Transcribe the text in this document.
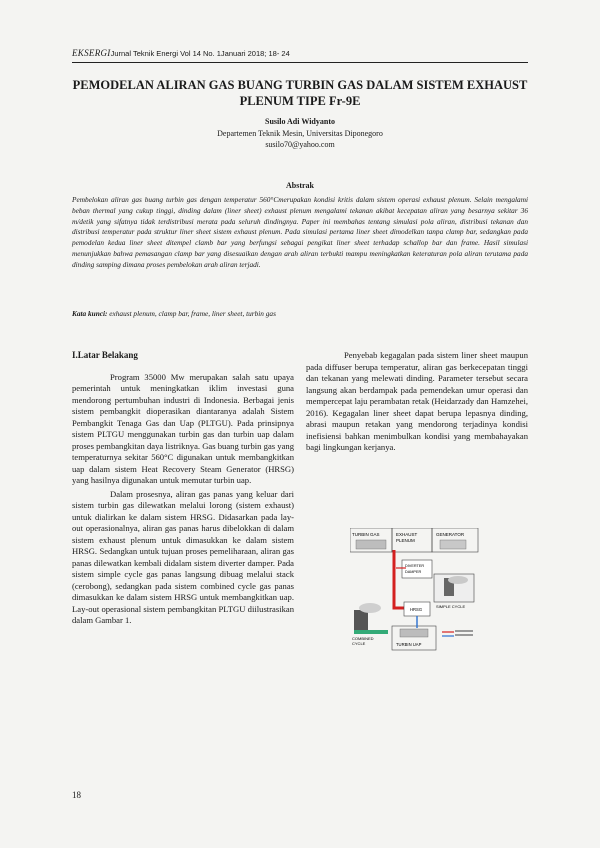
EKSERGIJurnal Teknik Energi Vol 14 No. 1Januari 2018; 18- 24
PEMODELAN ALIRAN GAS BUANG TURBIN GAS DALAM SISTEM EXHAUST PLENUM TIPE Fr-9E
Susilo Adi Widyanto
Departemen Teknik Mesin, Universitas Diponegoro
susilo70@yahoo.com
Abstrak
Pembelokan aliran gas buang turbin gas dengan temperatur 560°Cmerupakan kondisi kritis dalam sistem operasi exhaust plenum. Selain mengalami beban thermal yang cukup tinggi, dinding dalam (liner sheet) exhaust plenum mengalami tekanan akibat kecepatan aliran yang besarnya sekitar 36 m/detik yang sifatnya tidak terdistribusi merata pada seluruh dindingnya. Paper ini membahas tentang simulasi pola aliran, distribusi tekanan dan distribusi temperatur pada struktur liner sheet sistem exhaust plenum. Pada simulasi pertama liner sheet dimodelkan tanpa clamp bar, sedangkan pada pemodelan kedua liner sheet ditempel clamb bar yang berfungsi sebagai pengikat liner sheet terhadap schallop bar dan frame. Hasil simulasi menunjukkan bahwa pemasangan clamp bar yang disesuaikan dengan arah aliran terbukti mampu meningkatkan keteraturan pola aliran terutama pada dinding samping dimana proses pembelokan arah aliran terjadi.
Kata kunci: exhaust plenum, clamp bar, frame, liner sheet, turbin gas
I.Latar Belakang

Program 35000 Mw merupakan salah satu upaya pemerintah untuk meningkatkan iklim investasi guna mendorong pertumbuhan industri di Indonesia. Berbagai jenis sistem pembangkit dioperasikan diantaranya adalah Sistem Pembangkit Tenaga Gas dan Uap (PLTGU). Pada prinsipnya sistem PLTGU menggunakan turbin gas dan turbin uap dalam proses pembangkitan daya listriknya. Gas buang turbin gas yang temperaturnya sekitar 560°C digunakan untuk membangkitkan uap dalam sistem Heat Recovery Steam Generator (HRSG) yang hasilnya digunakan untuk memutar turbin uap.

Dalam prosesnya, aliran gas panas yang keluar dari sistem turbin gas dilewatkan melalui lorong (sistem exhaust) untuk dialirkan ke dalam sistem HRSG. Didasarkan pada lay-out operasionalnya, aliran gas panas harus dibelokkan di dalam sistem exhaust plenum untuk dimasukkan ke dalam sistem HRSG. Sedangkan untuk tujuan proses pemeliharaan, aliran gas panas dilewatkan kembali didalam sistem diverter damper. Pada sistem simple cycle gas panas langsung dibuag melalui stack (cerobong), sedangkan pada sistem combined cycle gas panas dimasukkan ke dalam sistem HRSG untuk membangkitkan uap. Lay-out operasional sistem pembangkitan PLTGU diilustrasikan dalam Gambar 1.

Penyebab kegagalan pada sistem liner sheet maupun pada diffuser berupa temperatur, aliran gas berkecepatan tinggi dan tekanan yang melewati dinding. Parameter tersebut secara langsung akan berdampak pada pemendekan umur operasi dan mempercepat laju perambatan retak (Heidarzady dan Hamzehei, 2016). Kegagalan liner sheet dapat berupa lepasnya dinding, abrasi maupun retakan yang mendorong terjadinya kondisi inefisiensi bahkan menimbulkan kondisi yang membahayakan bagi lingkungan kerjanya.

TURBIN GAS	EXHAUST
PLENUM
GENERATOR
DIVERTER
DAMPER
SIMPLE CYCLE
HRSG
COMBINED
CYCLE	TURBIN UAP
18
